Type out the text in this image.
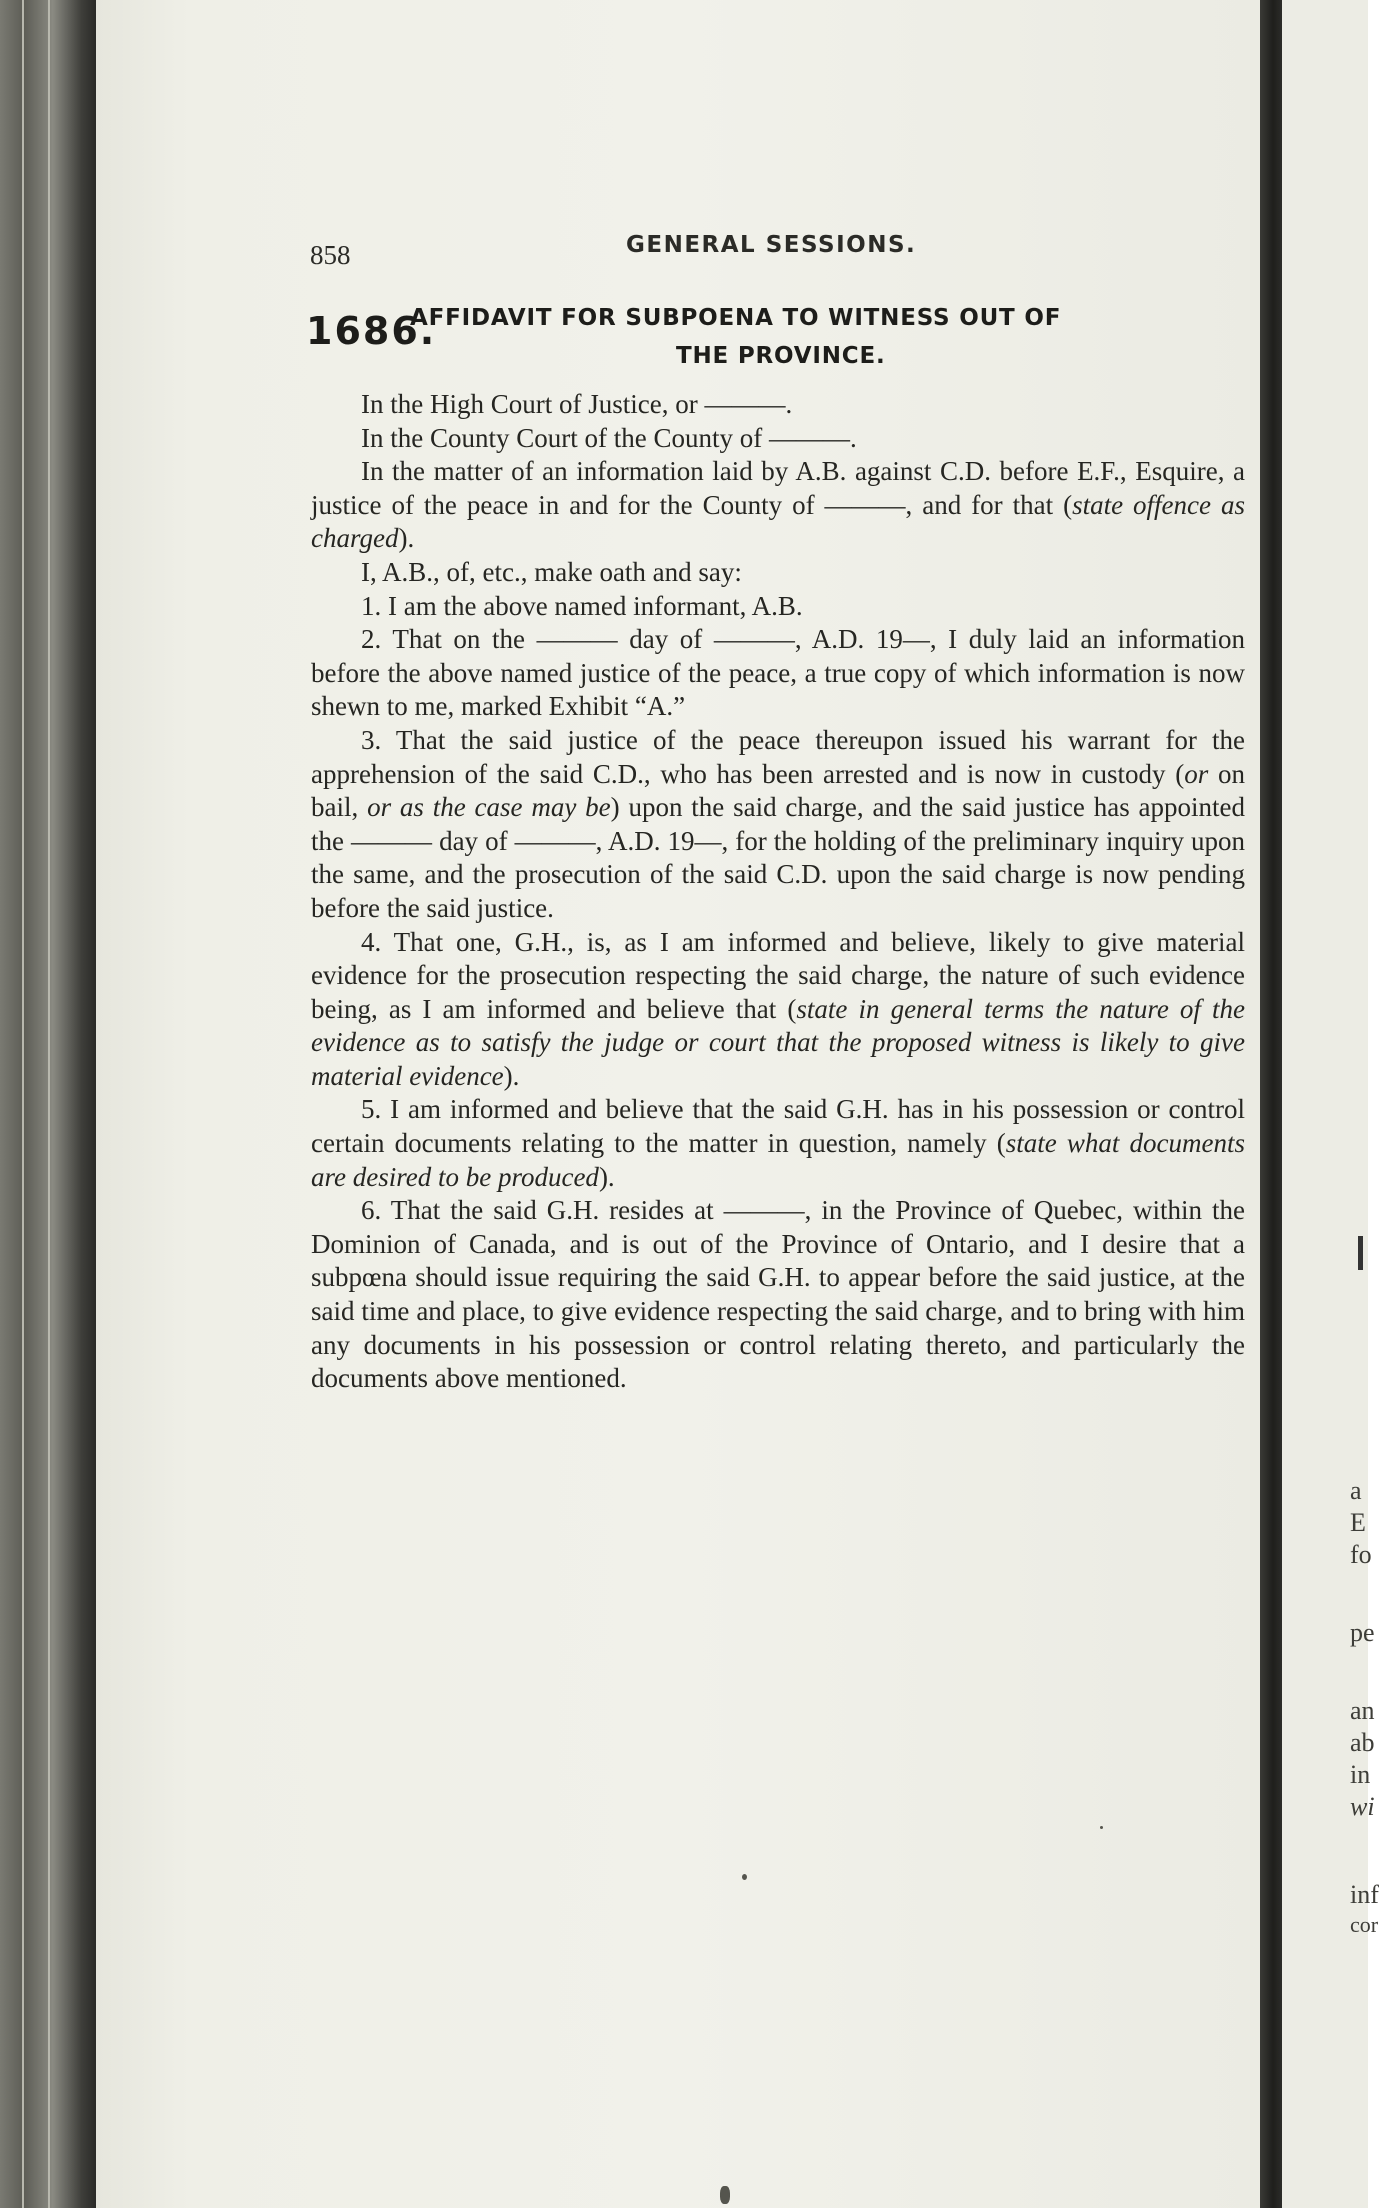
858	GENERAL SESSIONS.
1686.
AFFIDAVIT FOR SUBPOENA TO WITNESS OUT OF
THE PROVINCE.

In the High Court of Justice, or ———.

In the County Court of the County of ———.

In the matter of an information laid by A.B. against C.D. before E.F., Esquire, a justice of the peace in and for the County of ———, and for that (state offence as charged).

I, A.B., of, etc., make oath and say:

1. I am the above named informant, A.B.

2. That on the ——— day of ———, A.D. 19—, I duly laid an information before the above named justice of the peace, a true copy of which information is now shewn to me, marked Exhibit “A.”

3. That the said justice of the peace thereupon issued his warrant for the apprehension of the said C.D., who has been arrested and is now in custody (or on bail, or as the case may be) upon the said charge, and the said justice has appointed the ——— day of ———, A.D. 19—, for the holding of the preliminary inquiry upon the same, and the prosecution of the said C.D. upon the said charge is now pending before the said justice.

4. That one, G.H., is, as I am informed and believe, likely to give material evidence for the prosecution respecting the said charge, the nature of such evidence being, as I am informed and believe that (state in general terms the nature of the evidence as to satisfy the judge or court that the proposed witness is likely to give material evidence).

5. I am informed and believe that the said G.H. has in his possession or control certain documents relating to the matter in question, namely (state what documents are desired to be produced).

6. That the said G.H. resides at ———, in the Province of Quebec, within the Dominion of Canada, and is out of the Province of Ontario, and I desire that a subpœna should issue requiring the said G.H. to appear before the said justice, at the said time and place, to give evidence respecting the said charge, and to bring with him any documents in his possession or control relating thereto, and particularly the documents above mentioned.

a
E
fo
pe
an
ab
in
wi
inf
cor
